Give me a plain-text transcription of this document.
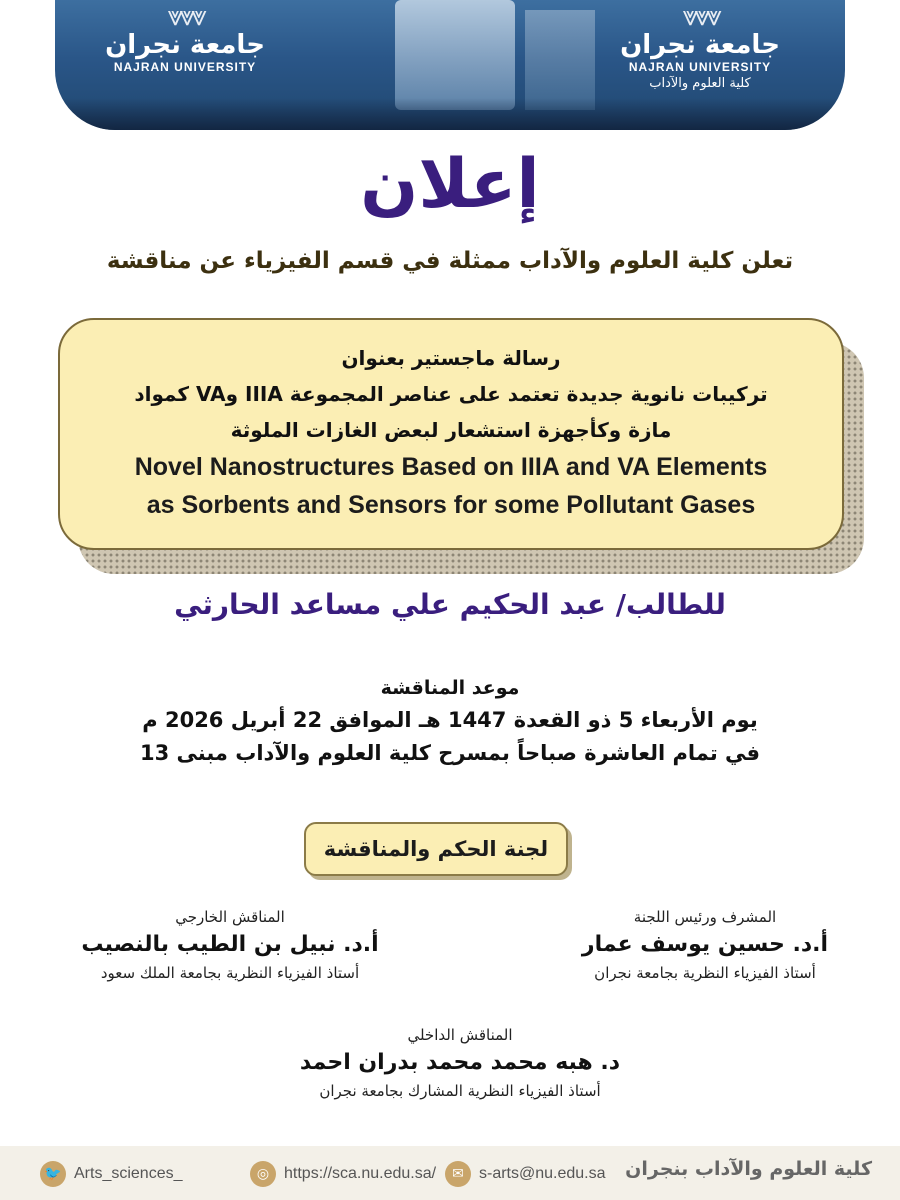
⩔⩔⩔
جامعة نجران
NAJRAN UNIVERSITY
⩔⩔⩔
جامعة نجران
NAJRAN UNIVERSITY
كلية العلوم والآداب
إعلان
تعلن كلية العلوم والآداب ممثلة في قسم الفيزياء عن مناقشة
رسالة ماجستير بعنوان
تركيبات نانوية جديدة تعتمد على عناصر المجموعة IIIA وVA كمواد
مازة وكأجهزة استشعار لبعض الغازات الملوثة
Novel Nanostructures Based on IIIA and VA Elements
as Sorbents and Sensors for some Pollutant Gases
للطالب/ عبد الحكيم علي مساعد الحارثي
موعد المناقشة
يوم الأربعاء 5 ذو القعدة 1447 هـ الموافق 22 أبريل 2026 م
في تمام العاشرة صباحاً بمسرح كلية العلوم والآداب مبنى 13
لجنة الحكم والمناقشة
المشرف ورئيس اللجنة
أ.د. حسين يوسف عمار
أستاذ الفيزياء النظرية بجامعة نجران
المناقش الخارجي
أ.د. نبيل بن الطيب بالنصيب
أستاذ الفيزياء النظرية بجامعة الملك سعود
المناقش الداخلي
د. هبه محمد محمد بدران احمد
أستاذ الفيزياء النظرية المشارك بجامعة نجران
🐦 Arts_sciences_	◎ https://sca.nu.edu.sa/	✉ s-arts@nu.edu.sa كلية العلوم والآداب بنجران
